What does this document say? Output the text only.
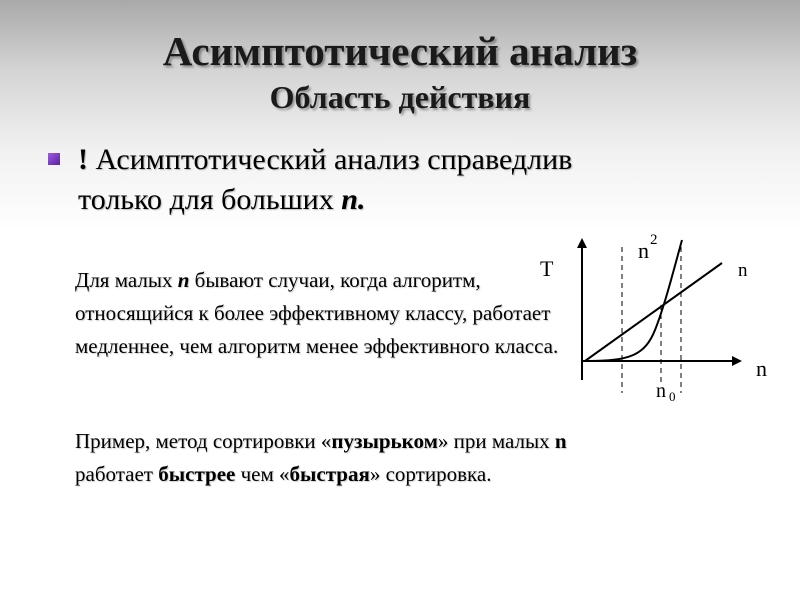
Асимптотический анализ
Область действия
! Асимптотический анализ справедлив
только для больших n.
Для малых n бывают случаи, когда алгоритм, относящийся к более эффективному классу, работает медленнее, чем алгоритм менее эффективного класса.
Пример, метод сортировки «пузырьком» при малых n работает быстрее чем «быстрая» сортировка.
T
n
n 2
n
n 0
